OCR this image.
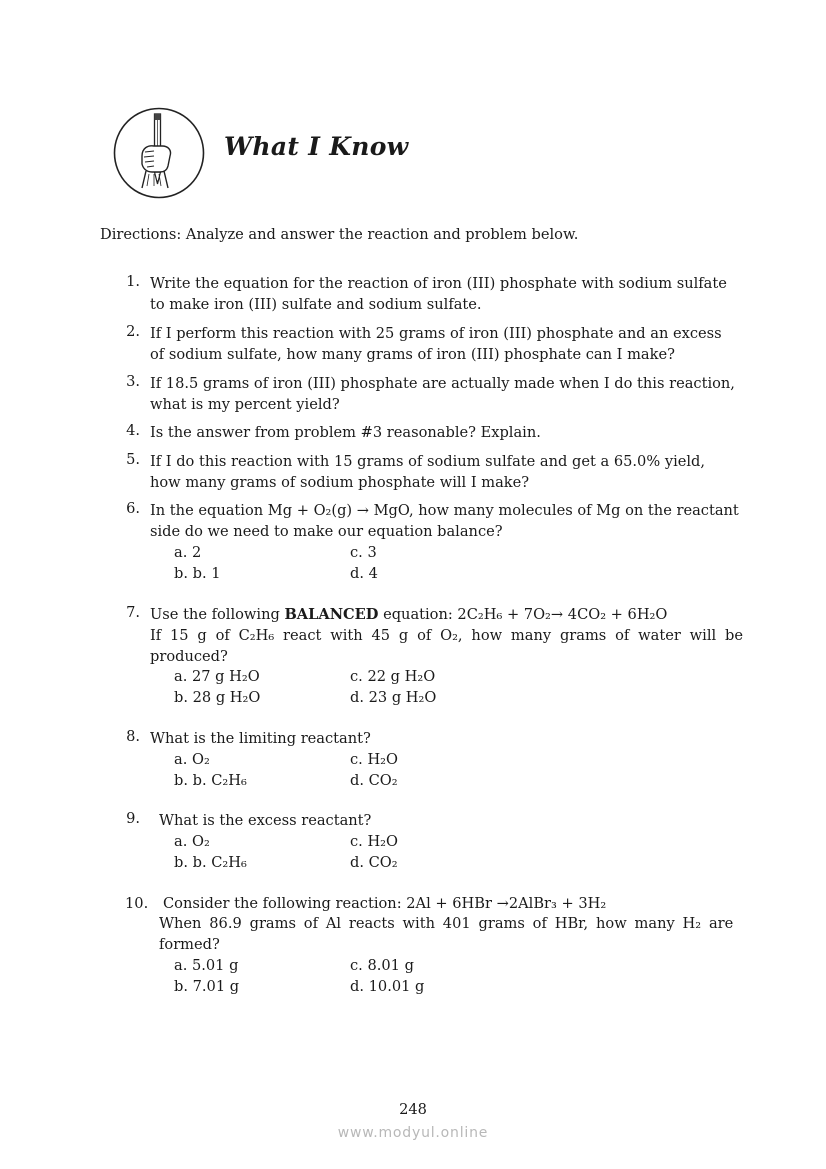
What I Know
Directions: Analyze and answer the reaction and problem below.
1. Write the equation for the reaction of iron (III) phosphate with sodium sulfate
to make iron (III) sulfate and sodium sulfate.
2. If I perform this reaction with 25 grams of iron (III) phosphate and an excess
of sodium sulfate, how many grams of iron (III) phosphate can I make?
3. If 18.5 grams of iron (III) phosphate are actually made when I do this reaction,
what is my percent yield?
4. Is the answer from problem #3 reasonable? Explain.
5. If I do this reaction with 15 grams of sodium sulfate and get a 65.0% yield,
how many grams of sodium phosphate will I make?
6. In the equation Mg + O₂(g) → MgO, how many molecules of Mg on the reactant
side do we need to make our equation balance?
a. 2	c. 3
b. b. 1	d. 4
7. Use the following BALANCED equation: 2C₂H₆ + 7O₂→ 4CO₂ + 6H₂O
If 15 g of C₂H₆ react with 45 g of O₂, how many grams of water will be
produced?
a. 27 g H₂O	c. 22 g H₂O
b. 28 g H₂O	d. 23 g H₂O
8. What is the limiting reactant?
a. O₂	c. H₂O
b. b. C₂H₆	d. CO₂
9. What is the excess reactant?
a. O₂	c. H₂O
b. b. C₂H₆	d. CO₂
10. Consider the following reaction: 2Al + 6HBr →2AlBr₃ + 3H₂
When 86.9 grams of Al reacts with 401 grams of HBr, how many H₂ are
formed?
a. 5.01 g	c. 8.01 g
b. 7.01 g	d. 10.01 g
248
www.modyul.online
